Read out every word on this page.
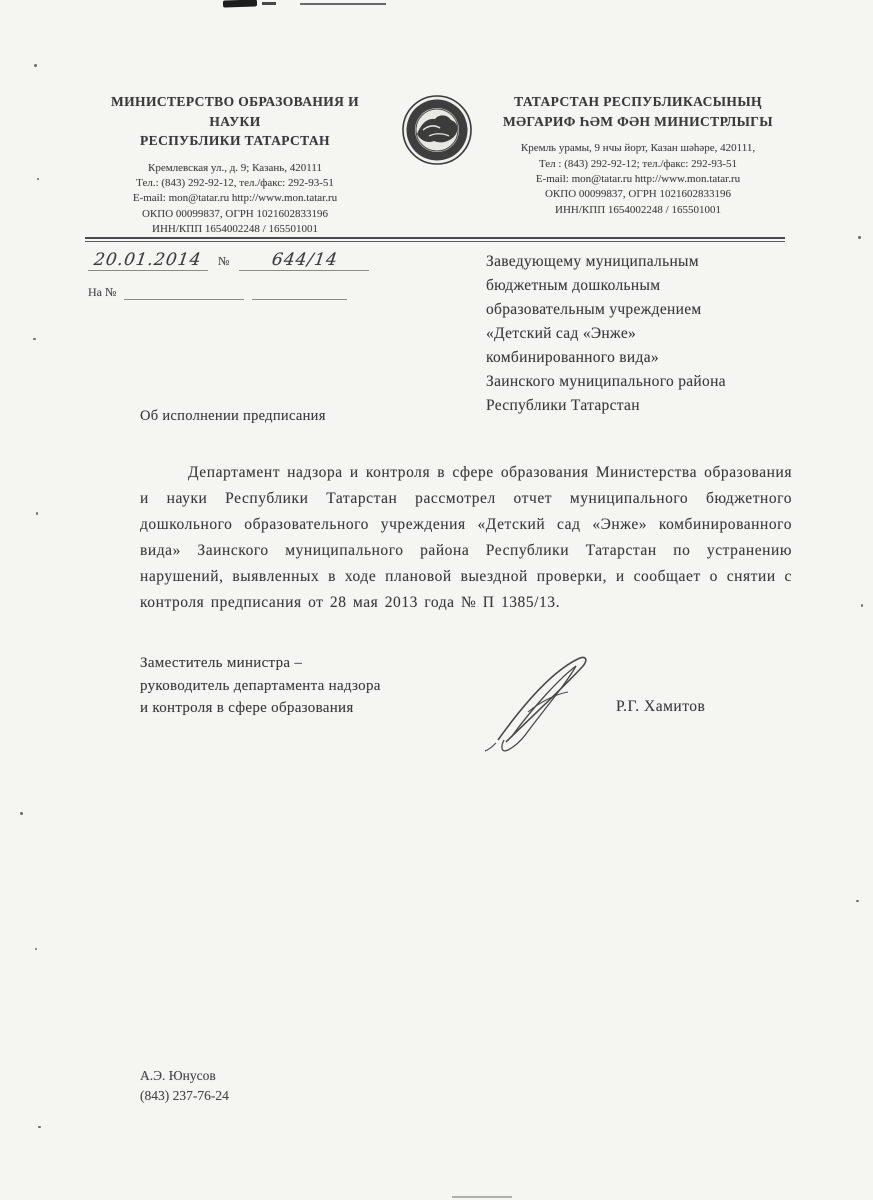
МИНИСТЕРСТВО ОБРАЗОВАНИЯ И НАУКИ
РЕСПУБЛИКИ ТАТАРСТАН
Кремлевская ул., д. 9; Казань, 420111
Тел.: (843) 292-92-12, тел./факс: 292-93-51
E-mail: mon@tatar.ru http://www.mon.tatar.ru
ОКПО 00099837, ОГРН 1021602833196
ИНН/КПП 1654002248 / 165501001
ТАТАРСТАН РЕСПУБЛИКАСЫНЫҢ
МӘГАРИФ ҺӘМ ФӘН МИНИСТРЛЫГЫ
Кремль урамы, 9 нчы йорт, Казан шәһәре, 420111,
Тел : (843) 292-92-12; тел./факс: 292-93-51
E-mail: mon@tatar.ru http://www.mon.tatar.ru
ОКПО 00099837, ОГРН 1021602833196
ИНН/КПП 1654002248 / 165501001
20.01.2014	№	644/14
На №
Заведующему муниципальным
бюджетным дошкольным
образовательным учреждением
«Детский сад «Энже»
комбинированного вида»
Заинского муниципального района
Республики Татарстан
Об исполнении предписания
Департамент надзора и контроля в сфере образования Министерства образования и науки Республики Татарстан рассмотрел отчет муниципального бюджетного дошкольного образовательного учреждения «Детский сад «Энже» комбинированного вида» Заинского муниципального района Республики Татарстан по устранению нарушений, выявленных в ходе плановой выездной проверки, и сообщает о снятии с контроля предписания от 28 мая 2013 года № П 1385/13.
Заместитель министра –
руководитель департамента надзора
и контроля в сфере образования	Р.Г. Хамитов
А.Э. Юнусов
(843) 237-76-24
